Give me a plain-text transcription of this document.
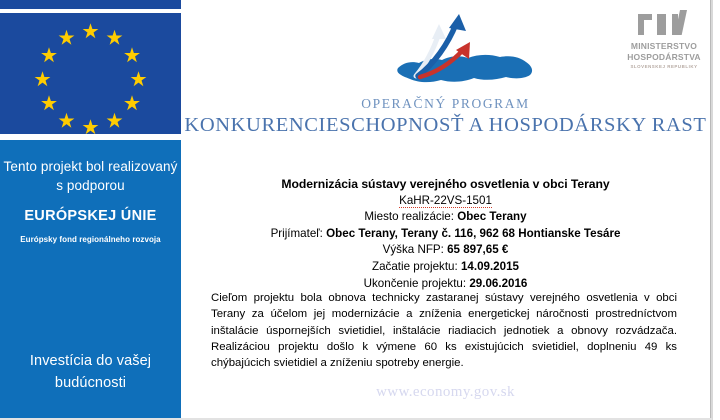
Tento projekt bol realizovaný s podporou
EURÓPSKEJ ÚNIE
Európsky fond regionálneho rozvoja
Investícia do vašej budúcnosti
MINISTERSTVO HOSPODÁRSTVA
SLOVENSKEJ REPUBLIKY
OPERAČNÝ PROGRAM
KONKURENCIESCHOPNOSŤ A HOSPODÁRSKY RAST
Modernizácia sústavy verejného osvetlenia v obci Terany
KaHR-22VS-1501
Miesto realizácie: Obec Terany
Prijímateľ: Obec Terany, Terany č. 116, 962 68 Hontianske Tesáre
Výška NFP: 65 897,65 €
Začatie projektu: 14.09.2015
Ukončenie projektu: 29.06.2016
Cieľom projektu bola obnova technicky zastaranej sústavy verejného osvetlenia v obci Terany za účelom jej modernizácie a zníženia energetickej náročnosti prostredníctvom inštalácie úspornejších svietidiel, inštalácie riadiacich jednotiek a obnovy rozvádzača. Realizáciou projektu došlo k výmene 60 ks existujúcich svietidiel, doplneniu 49 ks chýbajúcich svietidiel a zníženiu spotreby energie.
www.economy.gov.sk
